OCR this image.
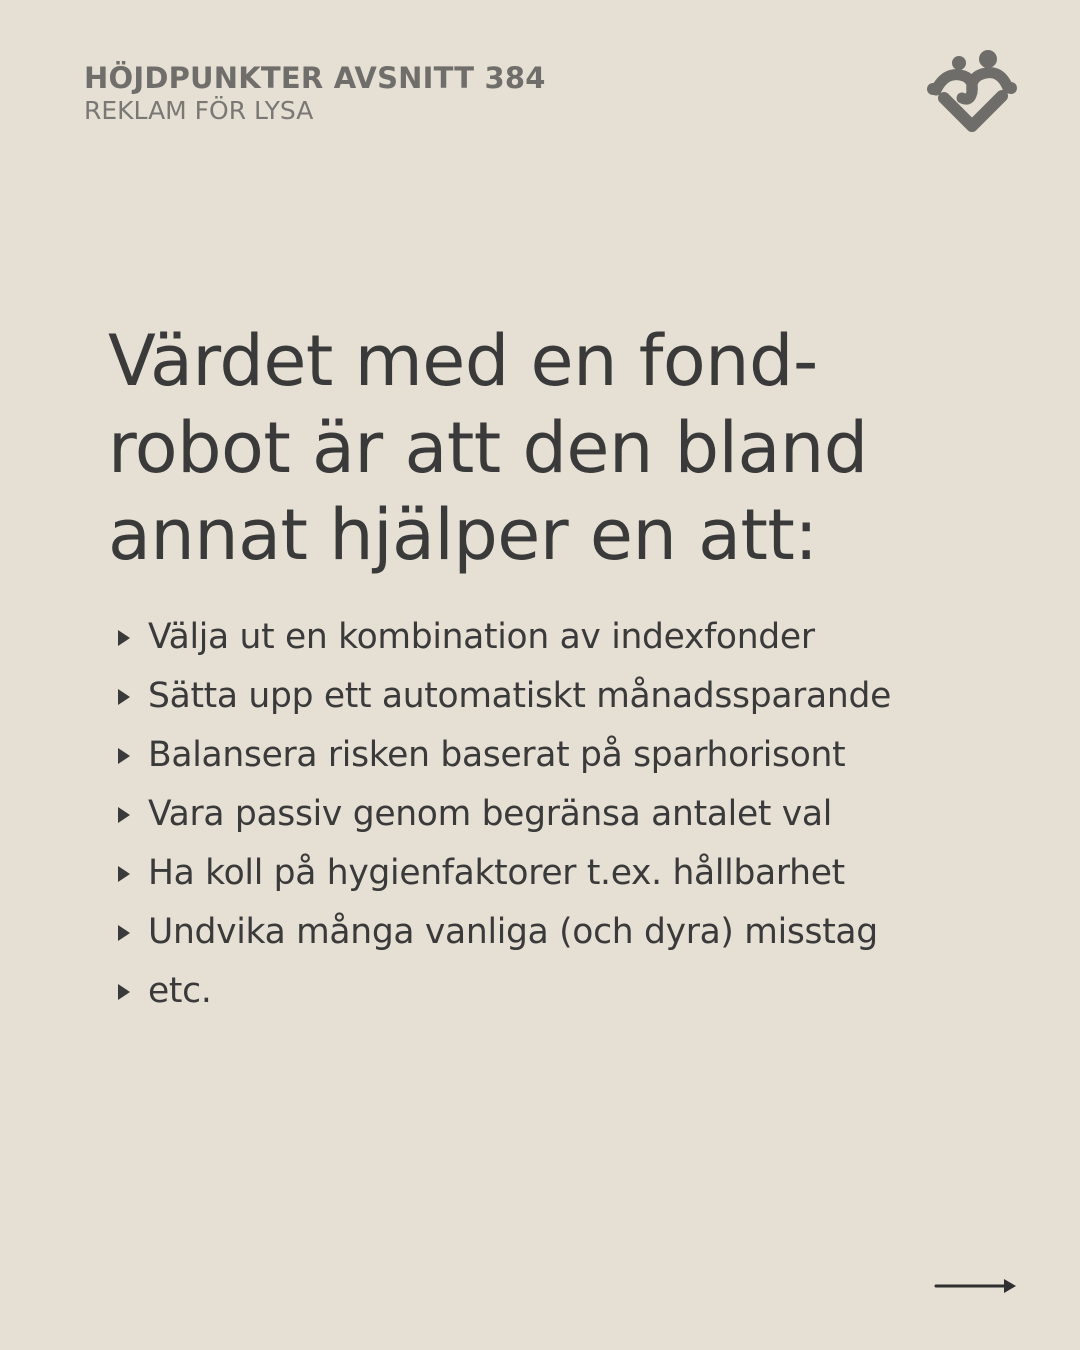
HÖJDPUNKTER AVSNITT 384
REKLAM FÖR LYSA
Värdet med en fond-
robot är att den bland
annat hjälper en att:
Välja ut en kombination av indexfonder
Sätta upp ett automatiskt månadssparande
Balansera risken baserat på sparhorisont
Vara passiv genom begränsa antalet val
Ha koll på hygienfaktorer t.ex. hållbarhet
Undvika många vanliga (och dyra) misstag
etc.
